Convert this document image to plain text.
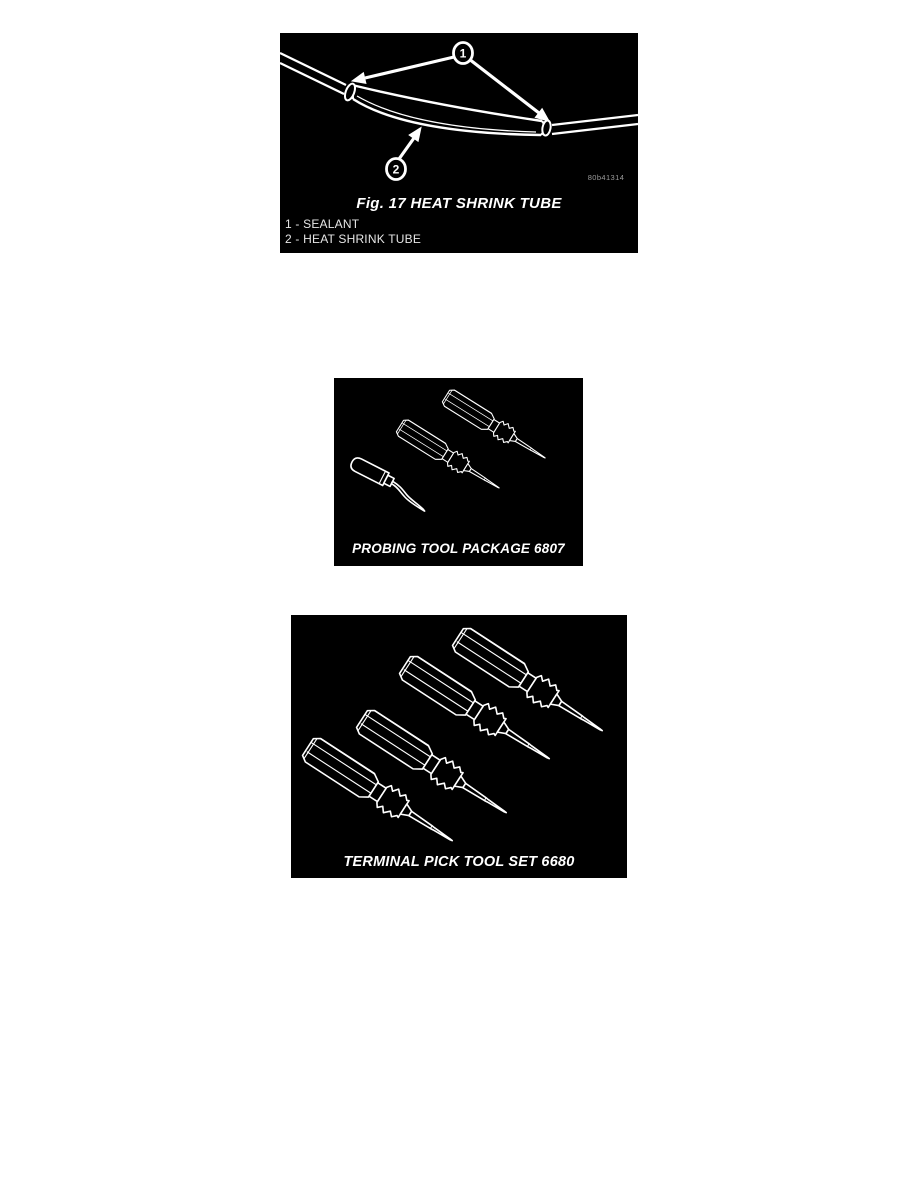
1
2
80b41314
Fig. 17 HEAT SHRINK TUBE
1 - SEALANT
2 - HEAT SHRINK TUBE
PROBING TOOL PACKAGE 6807
TERMINAL PICK TOOL SET 6680
